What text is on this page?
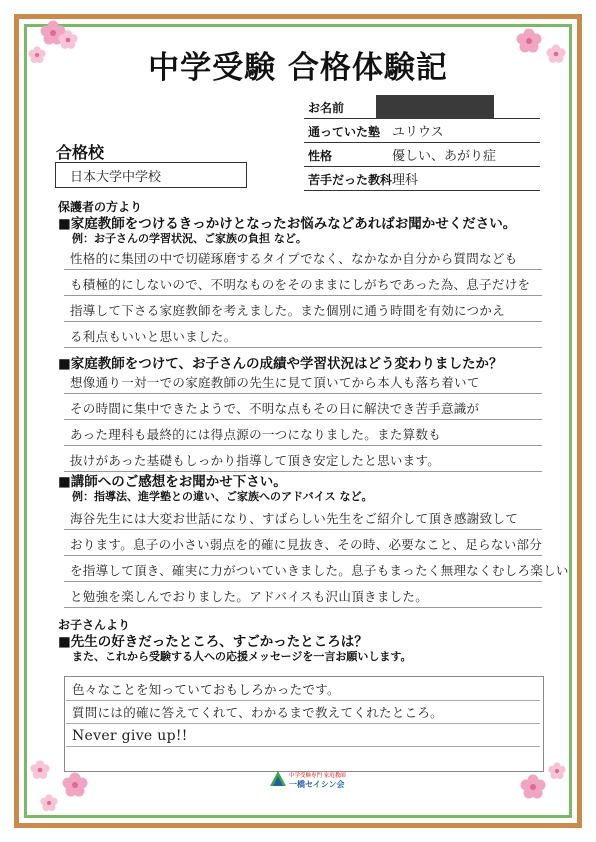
中学受験 合格体験記
お名前
通っていた塾 ユリウス
性格	優しい、あがり症
苦手だった教科 理科
合格校
日本大学中学校
保護者の方より
■家庭教師をつけるきっかけとなったお悩みなどあればお聞かせください。
例：お子さんの学習状況、ご家族の負担 など。
性格的に集団の中で切磋琢磨するタイプでなく、なかなか自分から質問なども
も積極的にしないので、不明なものをそのままにしがちであった為、息子だけを
指導して下さる家庭教師を考えました。また個別に通う時間を有効につかえ
る利点もいいと思いました。
■家庭教師をつけて、お子さんの成績や学習状況はどう変わりましたか？
想像通り一対一での家庭教師の先生に見て頂いてから本人も落ち着いて
その時間に集中できたようで、不明な点もその日に解決でき苦手意識が
あった理科も最終的には得点源の一つになりました。また算数も
抜けがあった基礎もしっかり指導して頂き安定したと思います。
■講師へのご感想をお聞かせ下さい。
例：指導法、進学塾との違い、ご家族へのアドバイス など。
海谷先生には大変お世話になり、すばらしい先生をご紹介して頂き感謝致して
おります。息子の小さい弱点を的確に見抜き、その時、必要なこと、足らない部分
を指導して頂き、確実に力がついていきました。息子もまったく無理なくむしろ楽しい
と勉強を楽しんでおりました。アドバイスも沢山頂きました。
お子さんより
■先生の好きだったところ、すごかったところは？
また、これから受験する人への応援メッセージを一言お願いします。
色々なことを知っていておもしろかったです。
質問には的確に答えてくれて、わかるまで教えてくれたところ。
Never give up!!
中学受験専門 家庭教師
一橋セイシン会
